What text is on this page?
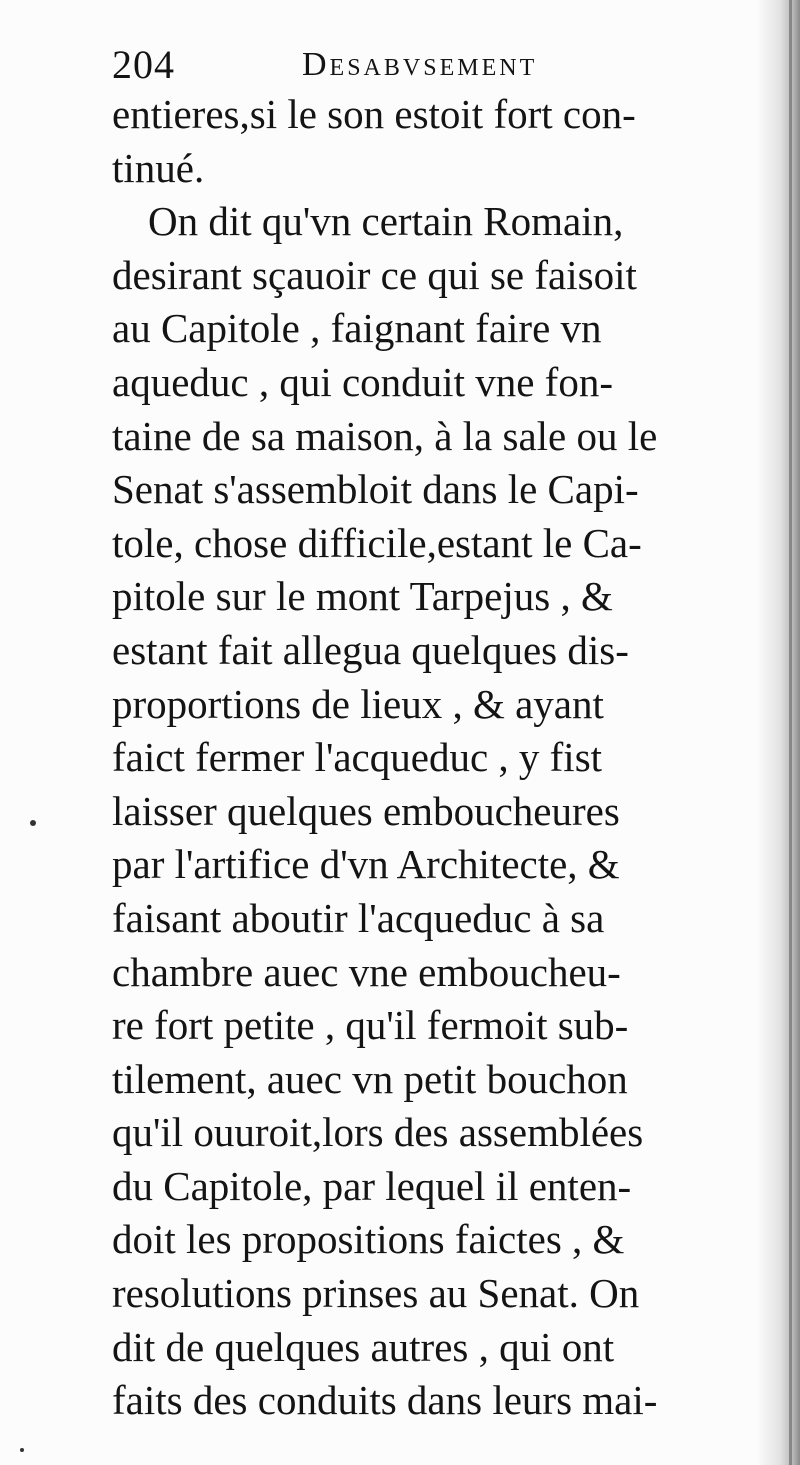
204	Desabvsement
entieres,si le son estoit fort con-
tinué.
On dit qu'vn certain Romain,
desirant sçauoir ce qui se faisoit
au Capitole , faignant faire vn
aqueduc , qui conduit vne fon-
taine de sa maison, à la sale ou le
Senat s'assembloit dans le Capi-
tole, chose difficile,estant le Ca-
pitole sur le mont Tarpejus , &
estant fait allegua quelques dis-
proportions de lieux , & ayant
faict fermer l'acqueduc , y fist
laisser quelques emboucheures
par l'artifice d'vn Architecte, &
faisant aboutir l'acqueduc à sa
chambre auec vne emboucheu-
re fort petite , qu'il fermoit sub-
tilement, auec vn petit bouchon
qu'il ouuroit,lors des assemblées
du Capitole, par lequel il enten-
doit les propositions faictes , &
resolutions prinses au Senat. On
dit de quelques autres , qui ont
faits des conduits dans leurs mai-
